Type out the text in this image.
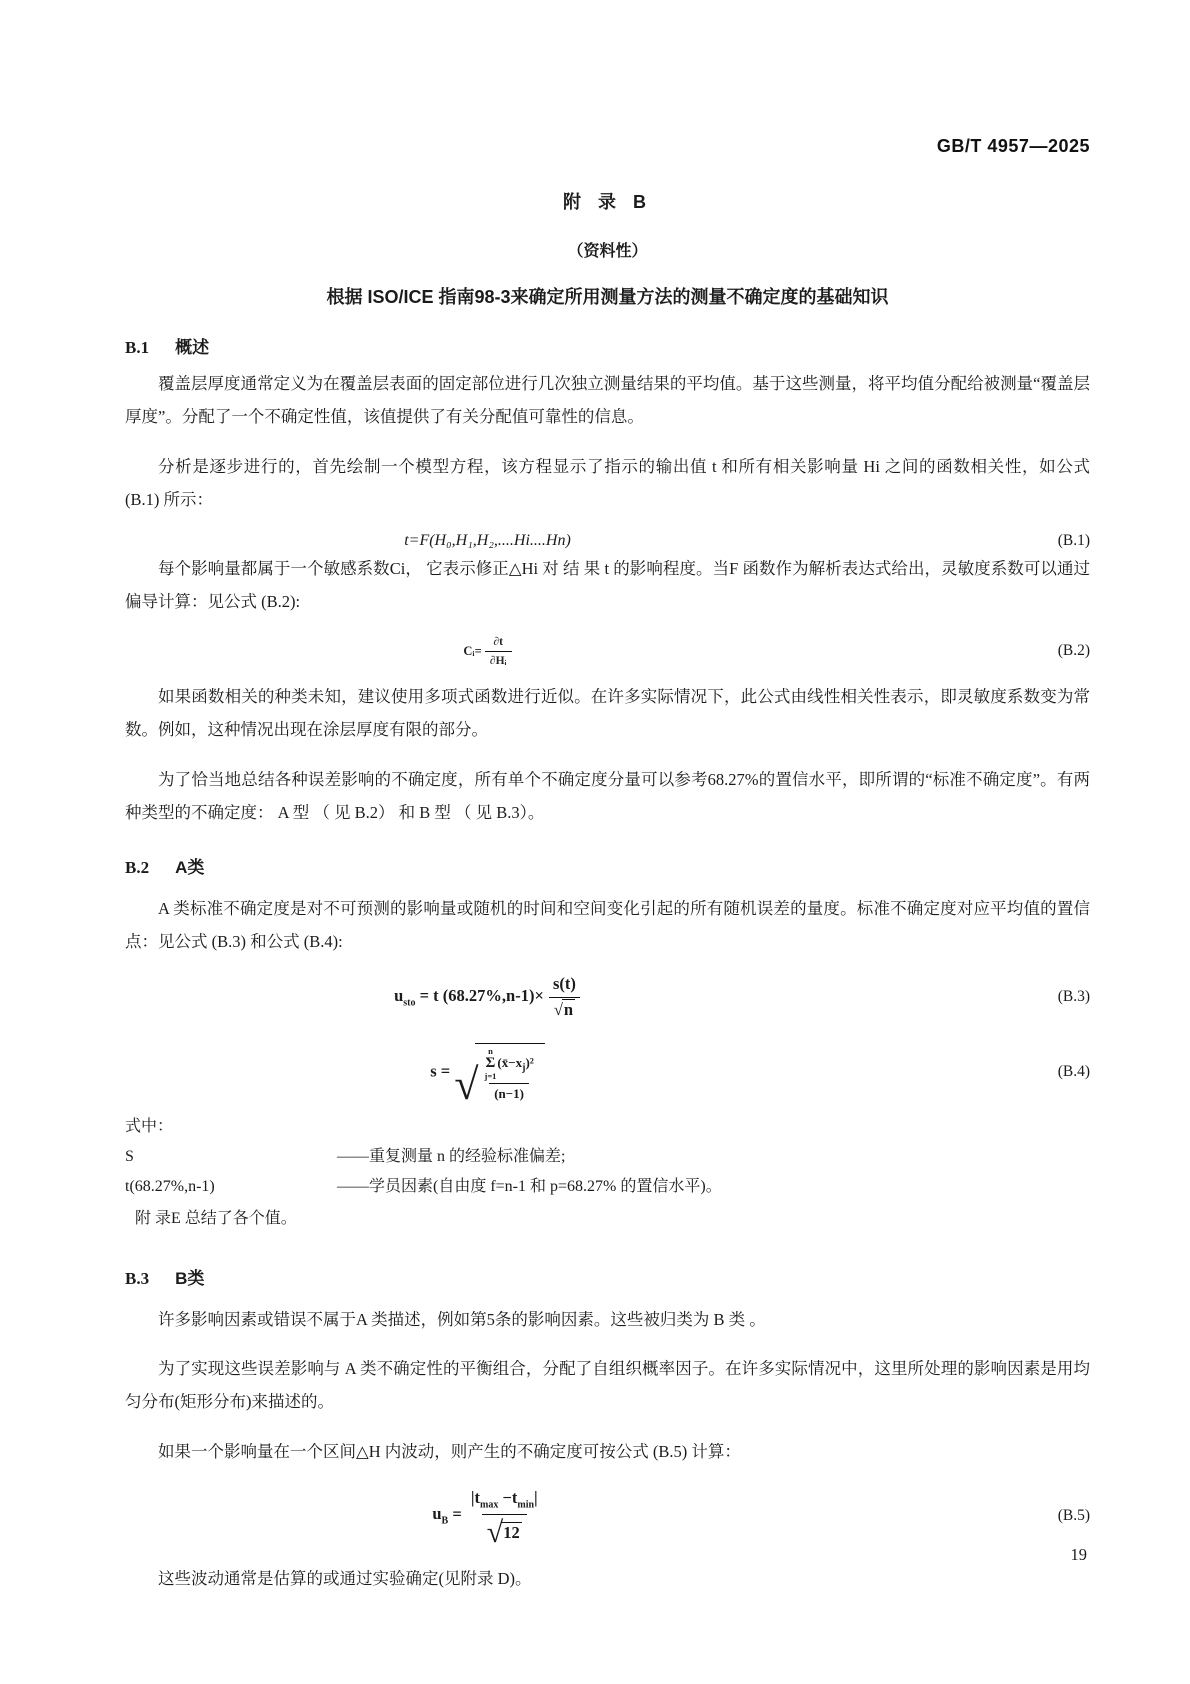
GB/T 4957—2025
附 录 B
（资料性）
根据 ISO/ICE 指南98-3来确定所用测量方法的测量不确定度的基础知识
B.1 概述

覆盖层厚度通常定义为在覆盖层表面的固定部位进行几次独立测量结果的平均值。基于这些测量，将平均值分配给被测量“覆盖层厚度”。分配了一个不确定性值，该值提供了有关分配值可靠性的信息。

分析是逐步进行的，首先绘制一个模型方程，该方程显示了指示的输出值 t 和所有相关影响量 Hi 之间的函数相关性，如公式 (B.1) 所示：

t=F(H₀,H₁,H₂,....Hi....Hn)	(B.1)

每个影响量都属于一个敏感系数Ci， 它表示修正△Hi 对 结 果 t 的影响程度。当F 函数作为解析表达式给出，灵敏度系数可以通过偏导计算：见公式 (B.2):

Cᵢ= $\frac{\partial t}{\text{∂Hᵢ}}$	(B.2)

如果函数相关的种类未知，建议使用多项式函数进行近似。在许多实际情况下，此公式由线性相关性表示，即灵敏度系数变为常数。例如，这种情况出现在涂层厚度有限的部分。

为了恰当地总结各种误差影响的不确定度，所有单个不确定度分量可以参考68.27%的置信水平，即所谓的“标准不确定度”。有两种类型的不确定度： A 型 （ 见 B.2） 和 B 型 （ 见 B.3）。

B.2 A类

A 类标准不确定度是对不可预测的影响量或随机的时间和空间变化引起的所有随机误差的量度。标准不确定度对应平均值的置信点：见公式 (B.3) 和公式 (B.4):

$u_{sto} = t$ $(68.27\%,n-1)\times \frac{s(t)}{√ n}$	(B.3)
s = √
n
Σ
j=1
$(x̄-x_j)^2$
(n−1)
(B.4)
式中：
S	—— 重复测量 n 的经验标准偏差;
t(68.27%,n-1)	—— 学员因素(自由度 f=n-1 和 p=68.27% 的置信水平)。
附 录E 总结了各个值。
B.3 B类

许多影响因素或错误不属于A 类描述，例如第5条的影响因素。这些被归类为 B 类 。

为了实现这些误差影响与 A 类不确定性的平衡组合，分配了自组织概率因子。在许多实际情况中，这里所处理的影响因素是用均匀分布(矩形分布)来描述的。

如果一个影响量在一个区间△H 内波动，则产生的不确定度可按公式 (B.5) 计算：

$u_B = \frac{|t_{max} -t_{min}|}{√ 12}$	(B.5)

这些波动通常是估算的或通过实验确定(见附录 D)。

19
